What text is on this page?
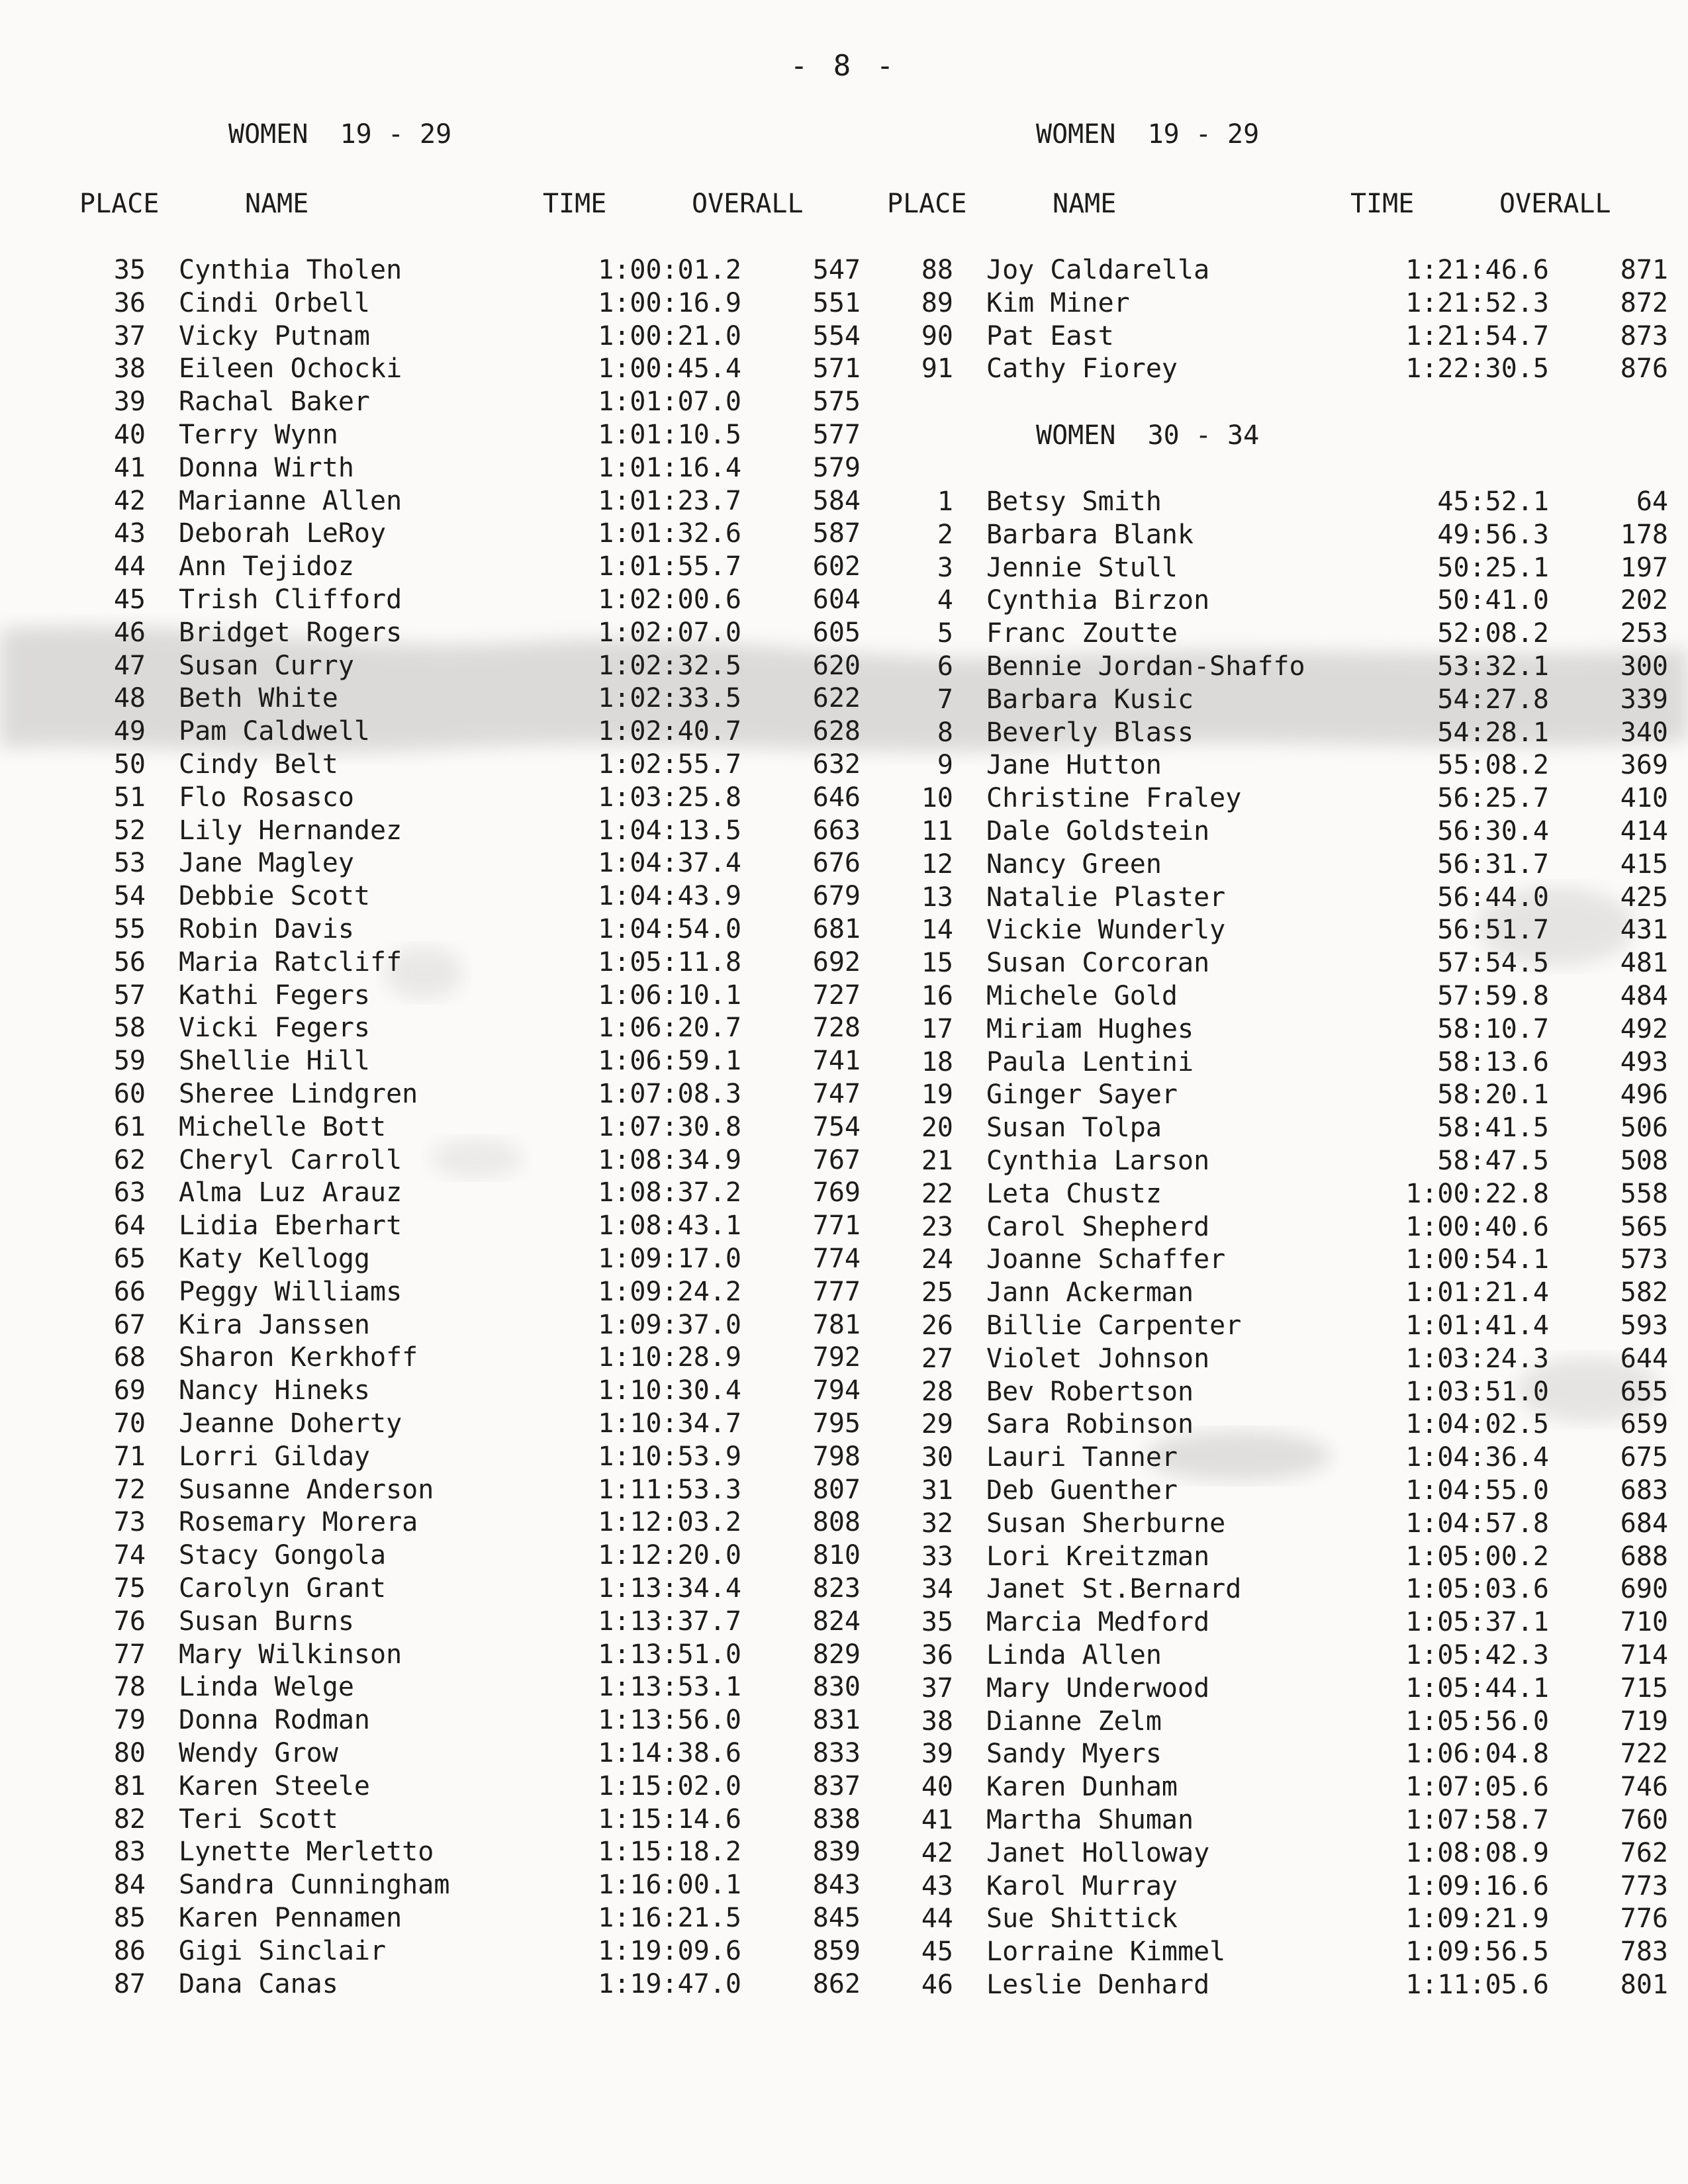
- 8 -
WOMEN  19 - 29
PLACE	NAME	TIME	OVERALL
35 Cynthia Tholen	1:00:01.2	547
36 Cindi Orbell	1:00:16.9	551
37 Vicky Putnam	1:00:21.0	554
38 Eileen Ochocki	1:00:45.4	571
39 Rachal Baker	1:01:07.0	575
40 Terry Wynn	1:01:10.5	577
41 Donna Wirth	1:01:16.4	579
42 Marianne Allen	1:01:23.7	584
43 Deborah LeRoy	1:01:32.6	587
44 Ann Tejidoz	1:01:55.7	602
45 Trish Clifford	1:02:00.6	604
46 Bridget Rogers	1:02:07.0	605
47 Susan Curry	1:02:32.5	620
48 Beth White	1:02:33.5	622
49 Pam Caldwell	1:02:40.7	628
50 Cindy Belt	1:02:55.7	632
51 Flo Rosasco	1:03:25.8	646
52 Lily Hernandez	1:04:13.5	663
53 Jane Magley	1:04:37.4	676
54 Debbie Scott	1:04:43.9	679
55 Robin Davis	1:04:54.0	681
56 Maria Ratcliff	1:05:11.8	692
57 Kathi Fegers	1:06:10.1	727
58 Vicki Fegers	1:06:20.7	728
59 Shellie Hill	1:06:59.1	741
60 Sheree Lindgren	1:07:08.3	747
61 Michelle Bott	1:07:30.8	754
62 Cheryl Carroll	1:08:34.9	767
63 Alma Luz Arauz	1:08:37.2	769
64 Lidia Eberhart	1:08:43.1	771
65 Katy Kellogg	1:09:17.0	774
66 Peggy Williams	1:09:24.2	777
67 Kira Janssen	1:09:37.0	781
68 Sharon Kerkhoff	1:10:28.9	792
69 Nancy Hineks	1:10:30.4	794
70 Jeanne Doherty	1:10:34.7	795
71 Lorri Gilday	1:10:53.9	798
72 Susanne Anderson	1:11:53.3	807
73 Rosemary Morera	1:12:03.2	808
74 Stacy Gongola	1:12:20.0	810
75 Carolyn Grant	1:13:34.4	823
76 Susan Burns	1:13:37.7	824
77 Mary Wilkinson	1:13:51.0	829
78 Linda Welge	1:13:53.1	830
79 Donna Rodman	1:13:56.0	831
80 Wendy Grow	1:14:38.6	833
81 Karen Steele	1:15:02.0	837
82 Teri Scott	1:15:14.6	838
83 Lynette Merletto	1:15:18.2	839
84 Sandra Cunningham	1:16:00.1	843
85 Karen Pennamen	1:16:21.5	845
86 Gigi Sinclair	1:19:09.6	859
87 Dana Canas	1:19:47.0	862
WOMEN  19 - 29
PLACE	NAME	TIME	OVERALL
88 Joy Caldarella	1:21:46.6	871
89 Kim Miner	1:21:52.3	872
90 Pat East	1:21:54.7	873
91 Cathy Fiorey	1:22:30.5	876
WOMEN  30 - 34
1 Betsy Smith	45:52.1	64
2 Barbara Blank	49:56.3	178
3 Jennie Stull	50:25.1	197
4 Cynthia Birzon	50:41.0	202
5 Franc Zoutte	52:08.2	253
6 Bennie Jordan-Shaffo	53:32.1	300
7 Barbara Kusic	54:27.8	339
8 Beverly Blass	54:28.1	340
9 Jane Hutton	55:08.2	369
10 Christine Fraley	56:25.7	410
11 Dale Goldstein	56:30.4	414
12 Nancy Green	56:31.7	415
13 Natalie Plaster	56:44.0	425
14 Vickie Wunderly	56:51.7	431
15 Susan Corcoran	57:54.5	481
16 Michele Gold	57:59.8	484
17 Miriam Hughes	58:10.7	492
18 Paula Lentini	58:13.6	493
19 Ginger Sayer	58:20.1	496
20 Susan Tolpa	58:41.5	506
21 Cynthia Larson	58:47.5	508
22 Leta Chustz	1:00:22.8	558
23 Carol Shepherd	1:00:40.6	565
24 Joanne Schaffer	1:00:54.1	573
25 Jann Ackerman	1:01:21.4	582
26 Billie Carpenter	1:01:41.4	593
27 Violet Johnson	1:03:24.3	644
28 Bev Robertson	1:03:51.0	655
29 Sara Robinson	1:04:02.5	659
30 Lauri Tanner	1:04:36.4	675
31 Deb Guenther	1:04:55.0	683
32 Susan Sherburne	1:04:57.8	684
33 Lori Kreitzman	1:05:00.2	688
34 Janet St.Bernard	1:05:03.6	690
35 Marcia Medford	1:05:37.1	710
36 Linda Allen	1:05:42.3	714
37 Mary Underwood	1:05:44.1	715
38 Dianne Zelm	1:05:56.0	719
39 Sandy Myers	1:06:04.8	722
40 Karen Dunham	1:07:05.6	746
41 Martha Shuman	1:07:58.7	760
42 Janet Holloway	1:08:08.9	762
43 Karol Murray	1:09:16.6	773
44 Sue Shittick	1:09:21.9	776
45 Lorraine Kimmel	1:09:56.5	783
46 Leslie Denhard	1:11:05.6	801
